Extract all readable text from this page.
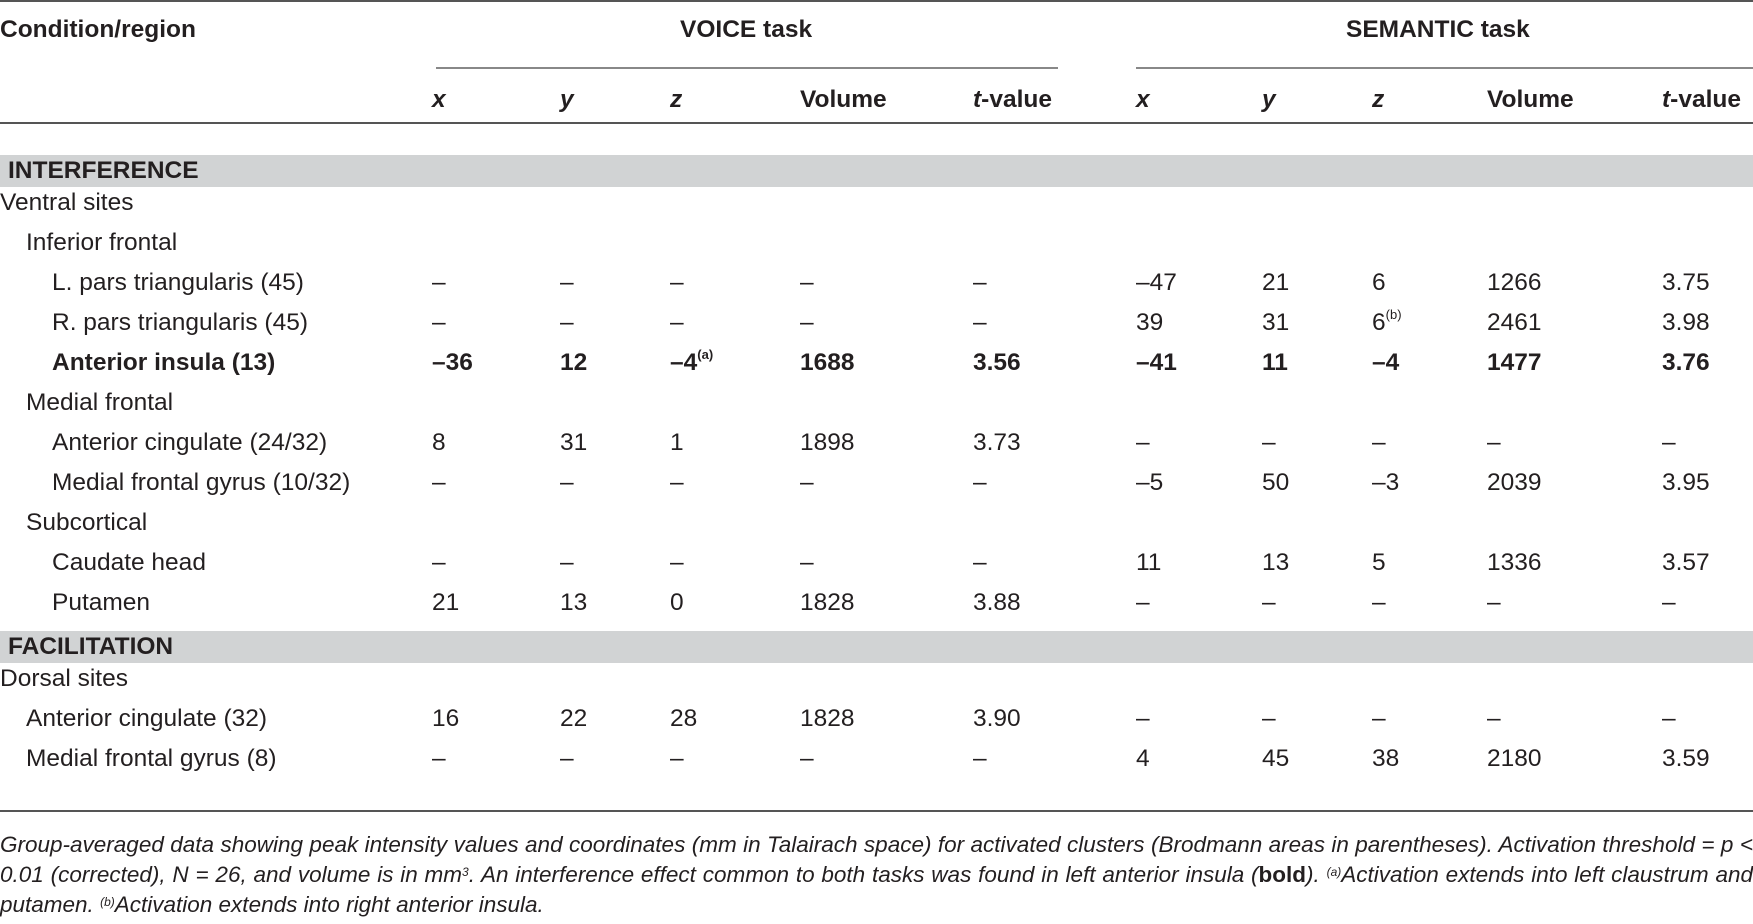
Condition/region	VOICE task	SEMANTIC task
x	y	z	Volume	t-value	x	y	z	Volume	t-value
INTERFERENCE
Ventral sites
Inferior frontal
L. pars triangularis (45)	–	–	–	–	–	–47	21	6	1266	3.75
R. pars triangularis (45)	–	–	–	–	–	39	31	6$^{(b)}$	2461	3.98
Anterior insula (13)	–36	12	–4$^{(a)}$	1688	3.56	–41	11	–4	1477	3.76
Medial frontal
Anterior cingulate (24/32)	8	31	1	1898	3.73	–	–	–	–	–
Medial frontal gyrus (10/32)	–	–	–	–	–	–5	50	–3	2039	3.95
Subcortical
Caudate head	–	–	–	–	–	11	13	5	1336	3.57
Putamen	21	13	0	1828	3.88	–	–	–	–	–
FACILITATION
Dorsal sites
Anterior cingulate (32)	16	22	28	1828	3.90	–	–	–	–	–
Medial frontal gyrus (8)	–	–	–	–	–	4	45	38	2180	3.59
Group-averaged data showing peak intensity values and coordinates (mm in Talairach space) for activated clusters (Brodmann areas in parentheses). Activation threshold = p < 0.01 (corrected), N = 26, and volume is in $mm^3$. An interference effect common to both tasks was found in left anterior insula (bold). $^{(a)}$Activation extends into left claustrum and putamen. $^{(b)}$Activation extends into right anterior insula.
